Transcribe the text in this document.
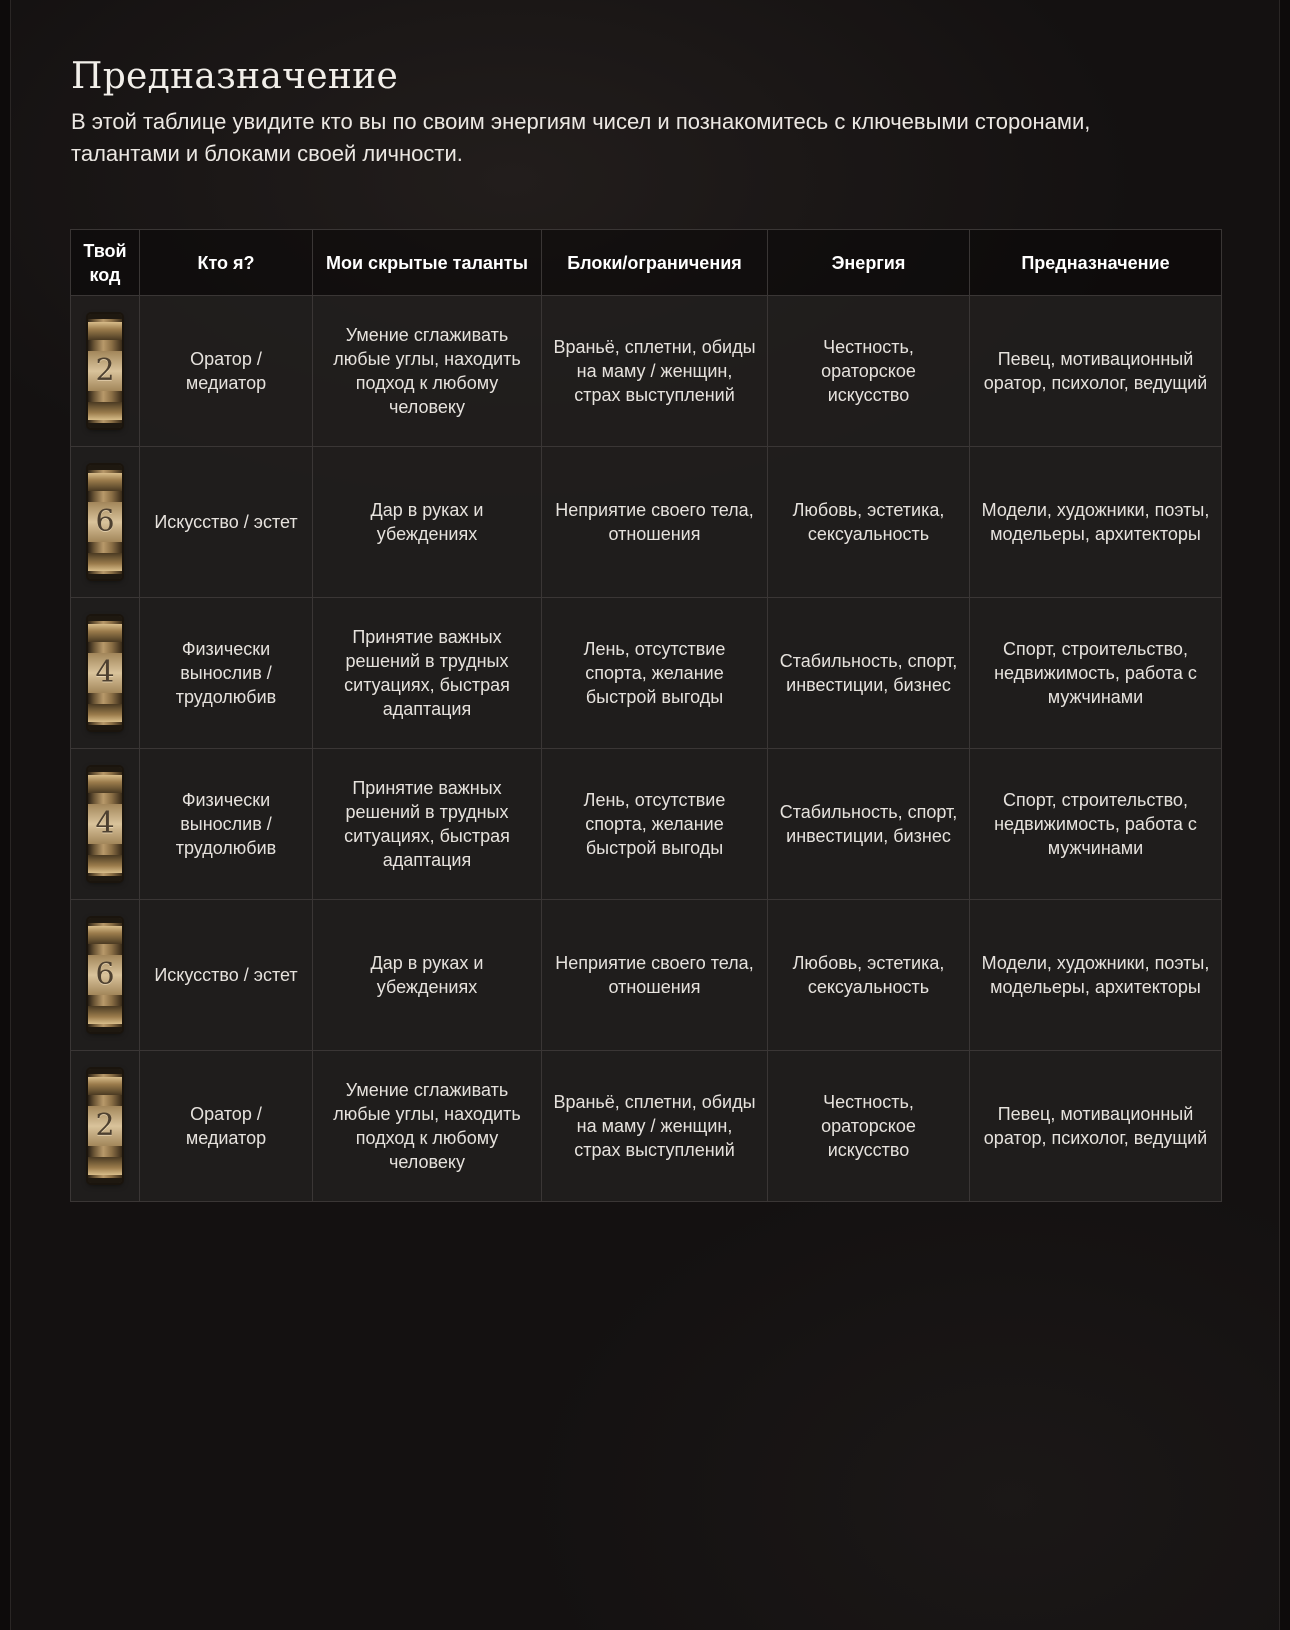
Предназначение

В этой таблице увидите кто вы по своим энергиям чисел и познакомитесь с ключевыми сторонами, талантами и блоками своей личности.

Твой код	Кто я?	Мои скрытые таланты	Блоки/ограничения	Энергия	Предназначение

2	Оратор / медиатор	Умение сглаживать любые углы, находить подход к любому человеку	Враньё, сплетни, обиды на маму / женщин, страх выступлений	Честность, ораторское искусство	Певец, мотивационный оратор, психолог, ведущий

6	Искусство / эстет	Дар в руках и убеждениях	Неприятие своего тела, отношения	Любовь, эстетика, сексуальность	Модели, художники, поэты, модельеры, архитекторы

4	Физически вынослив / трудолюбив	Принятие важных решений в трудных ситуациях, быстрая адаптация	Лень, отсутствие спорта, желание быстрой выгоды	Стабильность, спорт, инвестиции, бизнес	Спорт, строительство, недвижимость, работа с мужчинами

4	Физически вынослив / трудолюбив	Принятие важных решений в трудных ситуациях, быстрая адаптация	Лень, отсутствие спорта, желание быстрой выгоды	Стабильность, спорт, инвестиции, бизнес	Спорт, строительство, недвижимость, работа с мужчинами

6	Искусство / эстет	Дар в руках и убеждениях	Неприятие своего тела, отношения	Любовь, эстетика, сексуальность	Модели, художники, поэты, модельеры, архитекторы

2	Оратор / медиатор	Умение сглаживать любые углы, находить подход к любому человеку	Враньё, сплетни, обиды на маму / женщин, страх выступлений	Честность, ораторское искусство	Певец, мотивационный оратор, психолог, ведущий
